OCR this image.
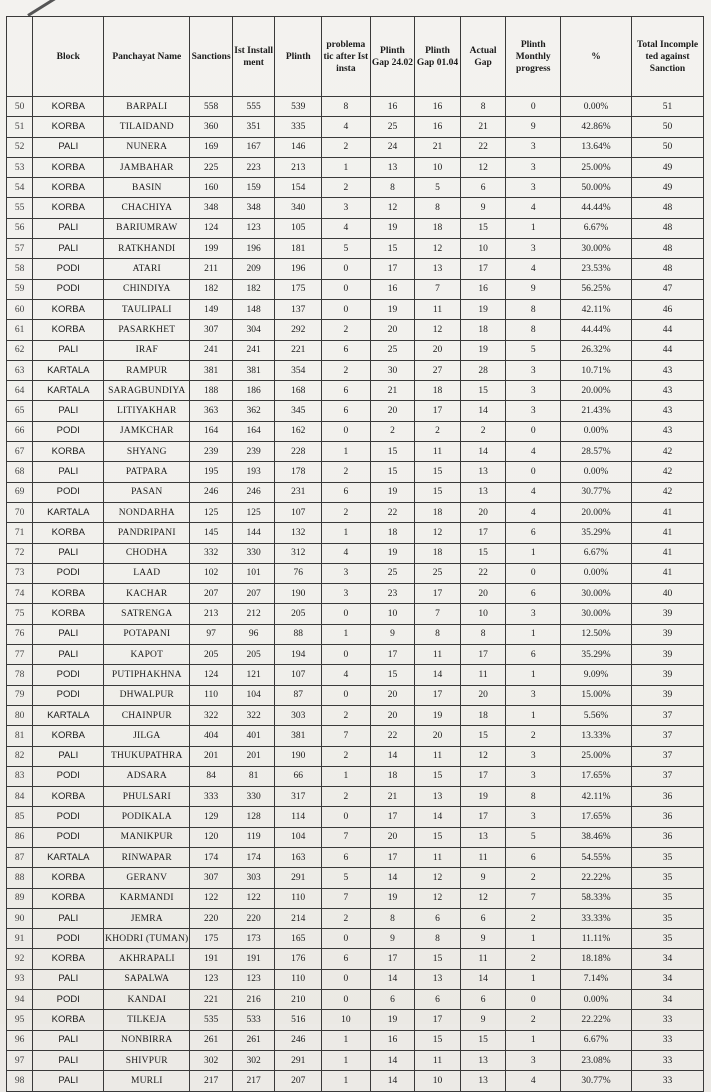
	Block	Panchayat Name	Sanctions	Ist Install ment	Plinth	problema tic after Ist insta	Plinth Gap 24.02	Plinth Gap 01.04	Actual Gap	Plinth Monthly progress	%	Total Incomple ted against Sanction
50	KORBA	BARPALI	558	555	539	8	16	16	8	0	0.00%	51
51	KORBA	TILAIDAND	360	351	335	4	25	16	21	9	42.86%	50
52	PALI	NUNERA	169	167	146	2	24	21	22	3	13.64%	50
53	KORBA	JAMBAHAR	225	223	213	1	13	10	12	3	25.00%	49
54	KORBA	BASIN	160	159	154	2	8	5	6	3	50.00%	49
55	KORBA	CHACHIYA	348	348	340	3	12	8	9	4	44.44%	48
56	PALI	BARIUMRAW	124	123	105	4	19	18	15	1	6.67%	48
57	PALI	RATKHANDI	199	196	181	5	15	12	10	3	30.00%	48
58	PODI	ATARI	211	209	196	0	17	13	17	4	23.53%	48
59	PODI	CHINDIYA	182	182	175	0	16	7	16	9	56.25%	47
60	KORBA	TAULIPALI	149	148	137	0	19	11	19	8	42.11%	46
61	KORBA	PASARKHET	307	304	292	2	20	12	18	8	44.44%	44
62	PALI	IRAF	241	241	221	6	25	20	19	5	26.32%	44
63	KARTALA	RAMPUR	381	381	354	2	30	27	28	3	10.71%	43
64	KARTALA	SARAGBUNDIYA	188	186	168	6	21	18	15	3	20.00%	43
65	PALI	LITIYAKHAR	363	362	345	6	20	17	14	3	21.43%	43
66	PODI	JAMKCHAR	164	164	162	0	2	2	2	0	0.00%	43
67	KORBA	SHYANG	239	239	228	1	15	11	14	4	28.57%	42
68	PALI	PATPARA	195	193	178	2	15	15	13	0	0.00%	42
69	PODI	PASAN	246	246	231	6	19	15	13	4	30.77%	42
70	KARTALA	NONDARHA	125	125	107	2	22	18	20	4	20.00%	41
71	KORBA	PANDRIPANI	145	144	132	1	18	12	17	6	35.29%	41
72	PALI	CHODHA	332	330	312	4	19	18	15	1	6.67%	41
73	PODI	LAAD	102	101	76	3	25	25	22	0	0.00%	41
74	KORBA	KACHAR	207	207	190	3	23	17	20	6	30.00%	40
75	KORBA	SATRENGA	213	212	205	0	10	7	10	3	30.00%	39
76	PALI	POTAPANI	97	96	88	1	9	8	8	1	12.50%	39
77	PALI	KAPOT	205	205	194	0	17	11	17	6	35.29%	39
78	PODI	PUTIPHAKHNA	124	121	107	4	15	14	11	1	9.09%	39
79	PODI	DHWALPUR	110	104	87	0	20	17	20	3	15.00%	39
80	KARTALA	CHAINPUR	322	322	303	2	20	19	18	1	5.56%	37
81	KORBA	JILGA	404	401	381	7	22	20	15	2	13.33%	37
82	PALI	THUKUPATHRA	201	201	190	2	14	11	12	3	25.00%	37
83	PODI	ADSARA	84	81	66	1	18	15	17	3	17.65%	37
84	KORBA	PHULSARI	333	330	317	2	21	13	19	8	42.11%	36
85	PODI	PODIKALA	129	128	114	0	17	14	17	3	17.65%	36
86	PODI	MANIKPUR	120	119	104	7	20	15	13	5	38.46%	36
87	KARTALA	RINWAPAR	174	174	163	6	17	11	11	6	54.55%	35
88	KORBA	GERANV	307	303	291	5	14	12	9	2	22.22%	35
89	KORBA	KARMANDI	122	122	110	7	19	12	12	7	58.33%	35
90	PALI	JEMRA	220	220	214	2	8	6	6	2	33.33%	35
91	PODI	KHODRI (TUMAN)	175	173	165	0	9	8	9	1	11.11%	35
92	KORBA	AKHRAPALI	191	191	176	6	17	15	11	2	18.18%	34
93	PALI	SAPALWA	123	123	110	0	14	13	14	1	7.14%	34
94	PODI	KANDAI	221	216	210	0	6	6	6	0	0.00%	34
95	KORBA	TILKEJA	535	533	516	10	19	17	9	2	22.22%	33
96	PALI	NONBIRRA	261	261	246	1	16	15	15	1	6.67%	33
97	PALI	SHIVPUR	302	302	291	1	14	11	13	3	23.08%	33
98	PALI	MURLI	217	217	207	1	14	10	13	4	30.77%	33
